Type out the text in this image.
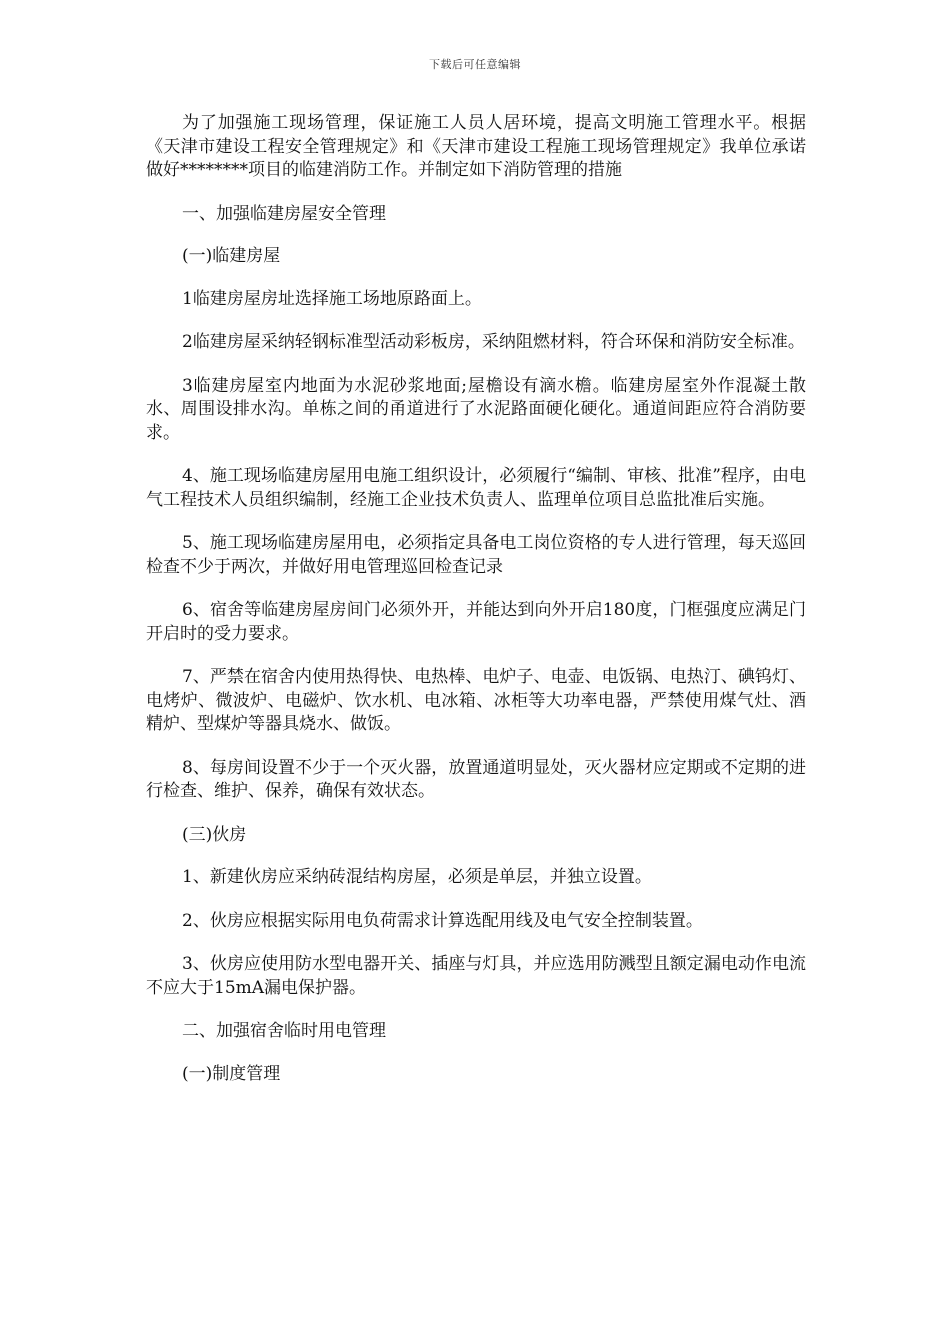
下载后可任意编辑

为了加强施工现场管理，保证施工人员人居环境，提高文明施工管理水平。根据《天津市建设工程安全管理规定》和《天津市建设工程施工现场管理规定》我单位承诺做好********项目的临建消防工作。并制定如下消防管理的措施

一、加强临建房屋安全管理

(一)临建房屋

1临建房屋房址选择施工场地原路面上。

2临建房屋采纳轻钢标准型活动彩板房，采纳阻燃材料，符合环保和消防安全标准。

3临建房屋室内地面为水泥砂浆地面;屋檐设有滴水檐。临建房屋室外作混凝土散水、周围设排水沟。单栋之间的甬道进行了水泥路面硬化硬化。通道间距应符合消防要求。

4、施工现场临建房屋用电施工组织设计，必须履行“编制、审核、批准”程序，由电气工程技术人员组织编制，经施工企业技术负责人、监理单位项目总监批准后实施。

5、施工现场临建房屋用电，必须指定具备电工岗位资格的专人进行管理，每天巡回检查不少于两次，并做好用电管理巡回检查记录

6、宿舍等临建房屋房间门必须外开，并能达到向外开启180度，门框强度应满足门开启时的受力要求。

7、严禁在宿舍内使用热得快、电热棒、电炉子、电壶、电饭锅、电热汀、碘钨灯、电烤炉、微波炉、电磁炉、饮水机、电冰箱、冰柜等大功率电器，严禁使用煤气灶、酒精炉、型煤炉等器具烧水、做饭。

8、每房间设置不少于一个灭火器，放置通道明显处，灭火器材应定期或不定期的进行检查、维护、保养，确保有效状态。

(三)伙房

1、新建伙房应采纳砖混结构房屋，必须是单层，并独立设置。

2、伙房应根据实际用电负荷需求计算选配用线及电气安全控制装置。

3、伙房应使用防水型电器开关、插座与灯具，并应选用防溅型且额定漏电动作电流不应大于15mA漏电保护器。

二、加强宿舍临时用电管理

(一)制度管理
